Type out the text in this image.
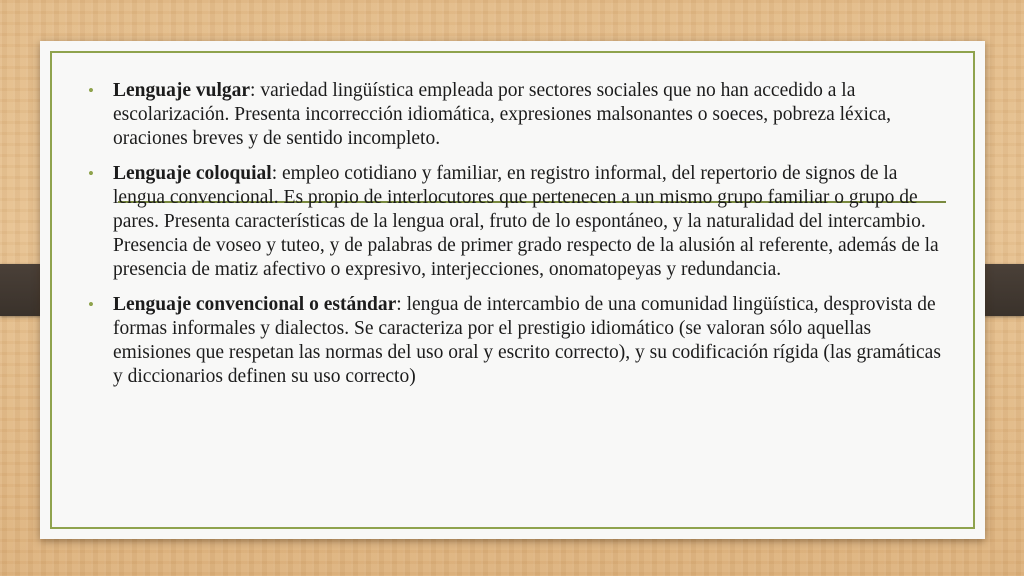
• Lenguaje vulgar: variedad lingüística empleada por sectores sociales que no han accedido a la escolarización. Presenta incorrección idiomática, expresiones malsonantes o soeces, pobreza léxica, oraciones breves y de sentido incompleto.
• Lenguaje coloquial: empleo cotidiano y familiar, en registro informal, del repertorio de signos de la lengua convencional. Es propio de interlocutores que pertenecen a un mismo grupo familiar o grupo de pares. Presenta características de la lengua oral, fruto de lo espontáneo, y la naturalidad del intercambio. Presencia de voseo y tuteo, y de palabras de primer grado respecto de la alusión al referente, además de la presencia de matiz afectivo o expresivo, interjecciones, onomatopeyas y redundancia.
• Lenguaje convencional o estándar: lengua de intercambio de una comunidad lingüística, desprovista de formas informales y dialectos. Se caracteriza por el prestigio idiomático (se valoran sólo aquellas emisiones que respetan las normas del uso oral y escrito correcto), y su codificación rígida (las gramáticas y diccionarios definen su uso correcto)
